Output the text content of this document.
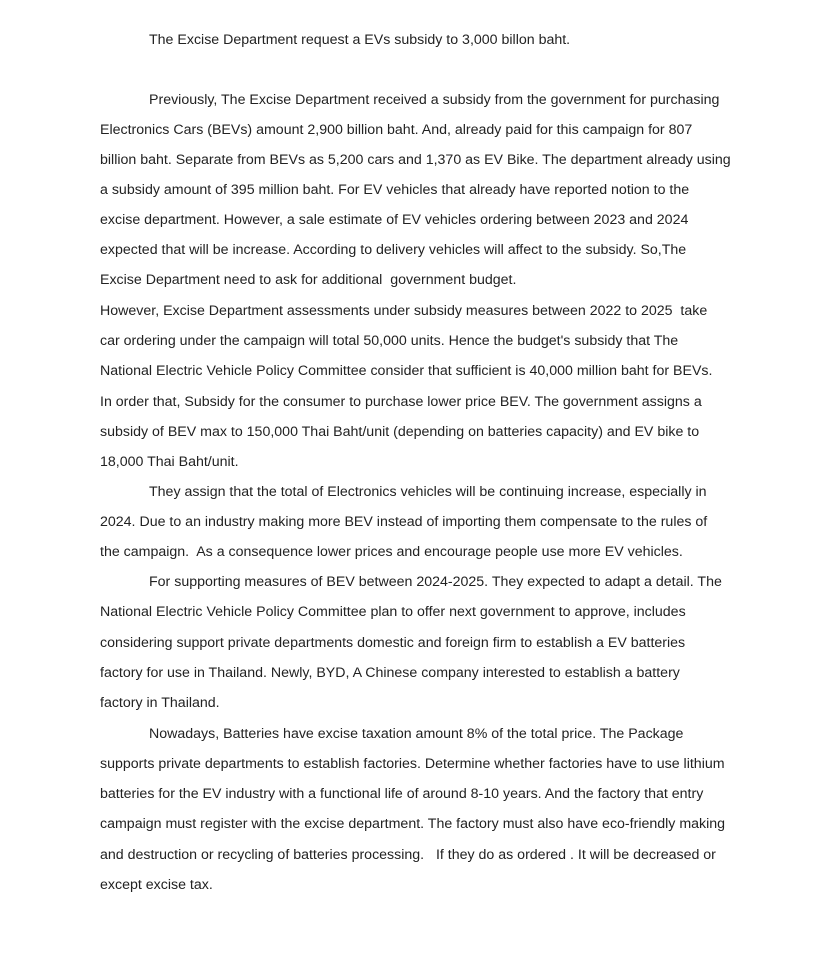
The Excise Department request a EVs subsidy to 3,000 billon baht.

Previously, The Excise Department received a subsidy from the government for purchasing

Electronics Cars (BEVs) amount 2,900 billion baht. And, already paid for this campaign for 807

billion baht. Separate from BEVs as 5,200 cars and 1,370 as EV Bike. The department already using

a subsidy amount of 395 million baht. For EV vehicles that already have reported notion to the

excise department. However, a sale estimate of EV vehicles ordering between 2023 and 2024

expected that will be increase. According to delivery vehicles will affect to the subsidy. So,The

Excise Department need to ask for additional  government budget.

However, Excise Department assessments under subsidy measures between 2022 to 2025  take

car ordering under the campaign will total 50,000 units. Hence the budget's subsidy that The

National Electric Vehicle Policy Committee consider that sufficient is 40,000 million baht for BEVs.

In order that, Subsidy for the consumer to purchase lower price BEV. The government assigns a

subsidy of BEV max to 150,000 Thai Baht/unit (depending on batteries capacity) and EV bike to

18,000 Thai Baht/unit.

They assign that the total of Electronics vehicles will be continuing increase, especially in

2024. Due to an industry making more BEV instead of importing them compensate to the rules of

the campaign.  As a consequence lower prices and encourage people use more EV vehicles.

For supporting measures of BEV between 2024-2025. They expected to adapt a detail. The

National Electric Vehicle Policy Committee plan to offer next government to approve, includes

considering support private departments domestic and foreign firm to establish a EV batteries

factory for use in Thailand. Newly, BYD, A Chinese company interested to establish a battery

factory in Thailand.

Nowadays, Batteries have excise taxation amount 8% of the total price. The Package

supports private departments to establish factories. Determine whether factories have to use lithium

batteries for the EV industry with a functional life of around 8-10 years. And the factory that entry

campaign must register with the excise department. The factory must also have eco-friendly making

and destruction or recycling of batteries processing.   If they do as ordered . It will be decreased or

except excise tax.
